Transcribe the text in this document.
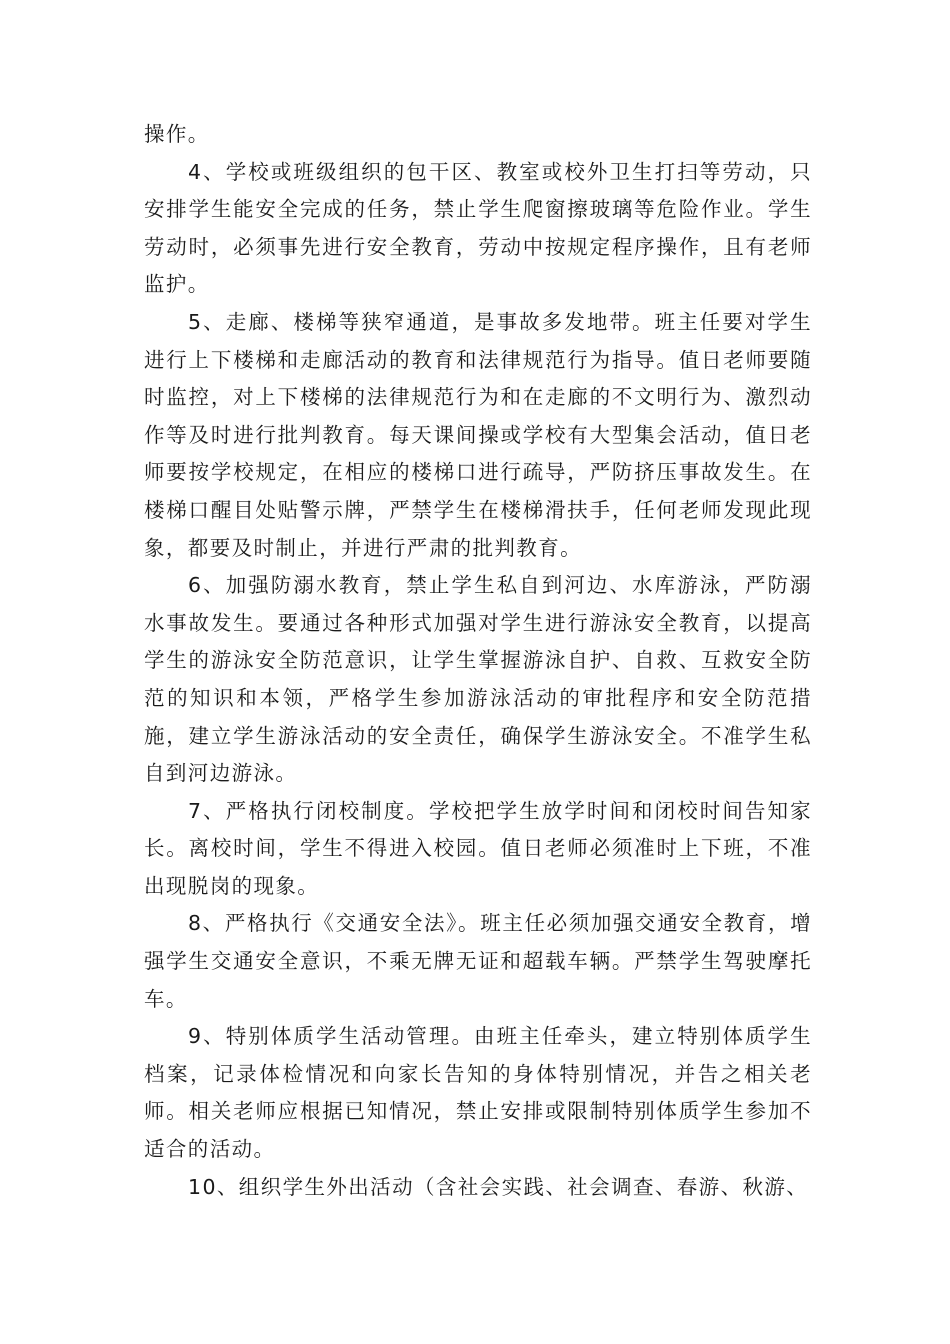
操作。

4、学校或班级组织的包干区、教室或校外卫生打扫等劳动，只安排学生能安全完成的任务，禁止学生爬窗擦玻璃等危险作业。学生劳动时，必须事先进行安全教育，劳动中按规定程序操作，且有老师监护。

5、走廊、楼梯等狭窄通道，是事故多发地带。班主任要对学生进行上下楼梯和走廊活动的教育和法律规范行为指导。值日老师要随时监控，对上下楼梯的法律规范行为和在走廊的不文明行为、激烈动作等及时进行批判教育。每天课间操或学校有大型集会活动，值日老师要按学校规定，在相应的楼梯口进行疏导，严防挤压事故发生。在楼梯口醒目处贴警示牌，严禁学生在楼梯滑扶手，任何老师发现此现象，都要及时制止，并进行严肃的批判教育。

6、加强防溺水教育，禁止学生私自到河边、水库游泳，严防溺水事故发生。要通过各种形式加强对学生进行游泳安全教育，以提高学生的游泳安全防范意识，让学生掌握游泳自护、自救、互救安全防范的知识和本领，严格学生参加游泳活动的审批程序和安全防范措施，建立学生游泳活动的安全责任，确保学生游泳安全。不准学生私自到河边游泳。

7、严格执行闭校制度。学校把学生放学时间和闭校时间告知家长。离校时间，学生不得进入校园。值日老师必须准时上下班，不准出现脱岗的现象。

8、严格执行《交通安全法》。班主任必须加强交通安全教育，增强学生交通安全意识，不乘无牌无证和超载车辆。严禁学生驾驶摩托车。

9、特别体质学生活动管理。由班主任牵头，建立特别体质学生档案，记录体检情况和向家长告知的身体特别情况，并告之相关老师。相关老师应根据已知情况，禁止安排或限制特别体质学生参加不适合的活动。

10、组织学生外出活动（含社会实践、社会调查、春游、秋游、
